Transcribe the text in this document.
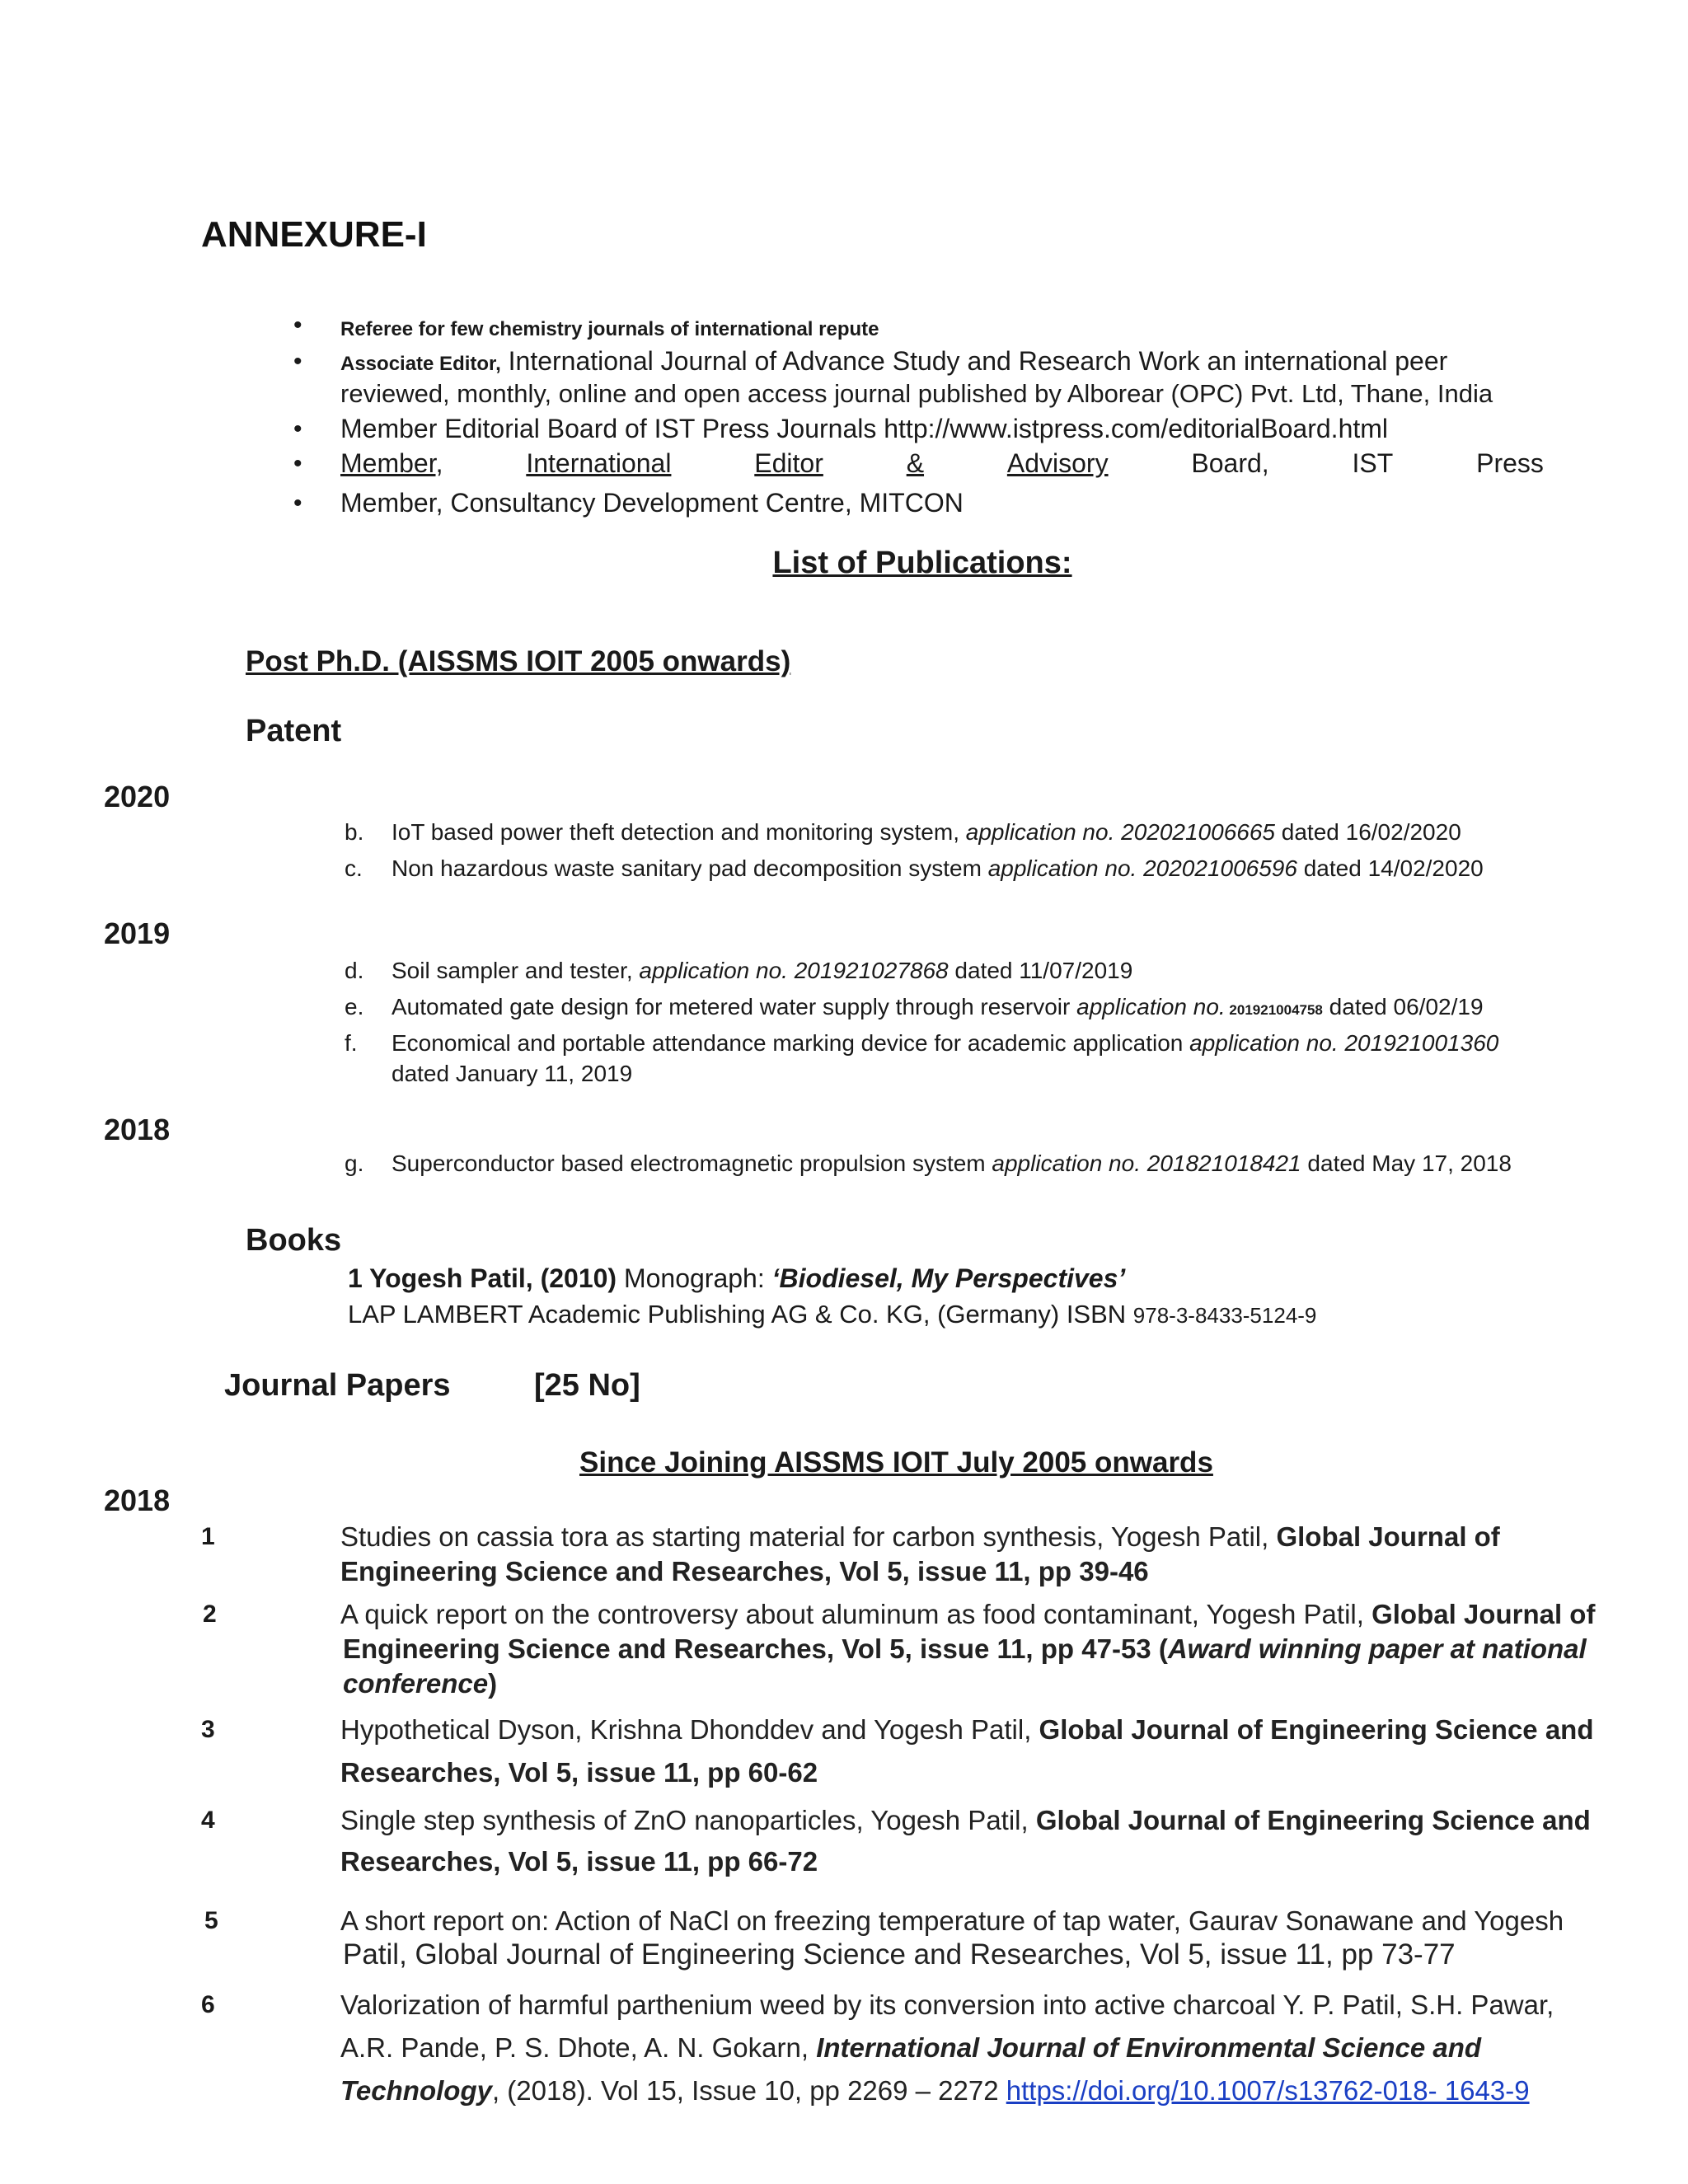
ANNEXURE-I
• Referee for few chemistry journals of international repute
• Associate Editor, International Journal of Advance Study and Research Work an international peer
reviewed, monthly, online and open access journal published by Alborear (OPC) Pvt. Ltd, Thane, India
• Member Editorial Board of IST Press Journals http://www.istpress.com/editorialBoard.html
• Member,	International	Editor	&	Advisory	Board,	IST	Press
• Member, Consultancy Development Centre, MITCON
List of Publications:
Post Ph.D. (AISSMS IOIT 2005 onwards)
Patent
2020
2019
2018
2018
b. IoT based power theft detection and monitoring system, application no. 202021006665 dated 16/02/2020
c. Non hazardous waste sanitary pad decomposition system application no. 202021006596 dated 14/02/2020
d. Soil sampler and tester, application no. 201921027868 dated 11/07/2019
e. Automated gate design for metered water supply through reservoir application no. 201921004758 dated 06/02/19
f. Economical and portable attendance marking device for academic application application no. 201921001360
dated January 11, 2019
g. Superconductor based electromagnetic propulsion system application no. 201821018421 dated May 17, 2018
Books
1 Yogesh Patil, (2010) Monograph: ‘Biodiesel, My Perspectives’
LAP LAMBERT Academic Publishing AG & Co. KG, (Germany) ISBN 978-3-8433-5124-9
Journal Papers	[25 No]
Since Joining AISSMS IOIT July 2005 onwards
1	Studies on cassia tora as starting material for carbon synthesis, Yogesh Patil, Global Journal of
Engineering Science and Researches, Vol 5, issue 11, pp 39-46
2	A quick report on the controversy about aluminum as food contaminant, Yogesh Patil, Global Journal of
Engineering Science and Researches, Vol 5, issue 11, pp 47-53 (Award winning paper at national
conference)
3	Hypothetical Dyson, Krishna Dhonddev and Yogesh Patil, Global Journal of Engineering Science and
Researches, Vol 5, issue 11, pp 60-62
4	Single step synthesis of ZnO nanoparticles, Yogesh Patil, Global Journal of Engineering Science and
Researches, Vol 5, issue 11, pp 66-72
5	A short report on: Action of NaCl on freezing temperature of tap water, Gaurav Sonawane and Yogesh
Patil, Global Journal of Engineering Science and Researches, Vol 5, issue 11, pp 73-77
6	Valorization of harmful parthenium weed by its conversion into active charcoal Y. P. Patil, S.H. Pawar,
A.R. Pande, P. S. Dhote, A. N. Gokarn, International Journal of Environmental Science and
Technology, (2018). Vol 15, Issue 10, pp 2269 – 2272 https://doi.org/10.1007/s13762-018- 1643-9
